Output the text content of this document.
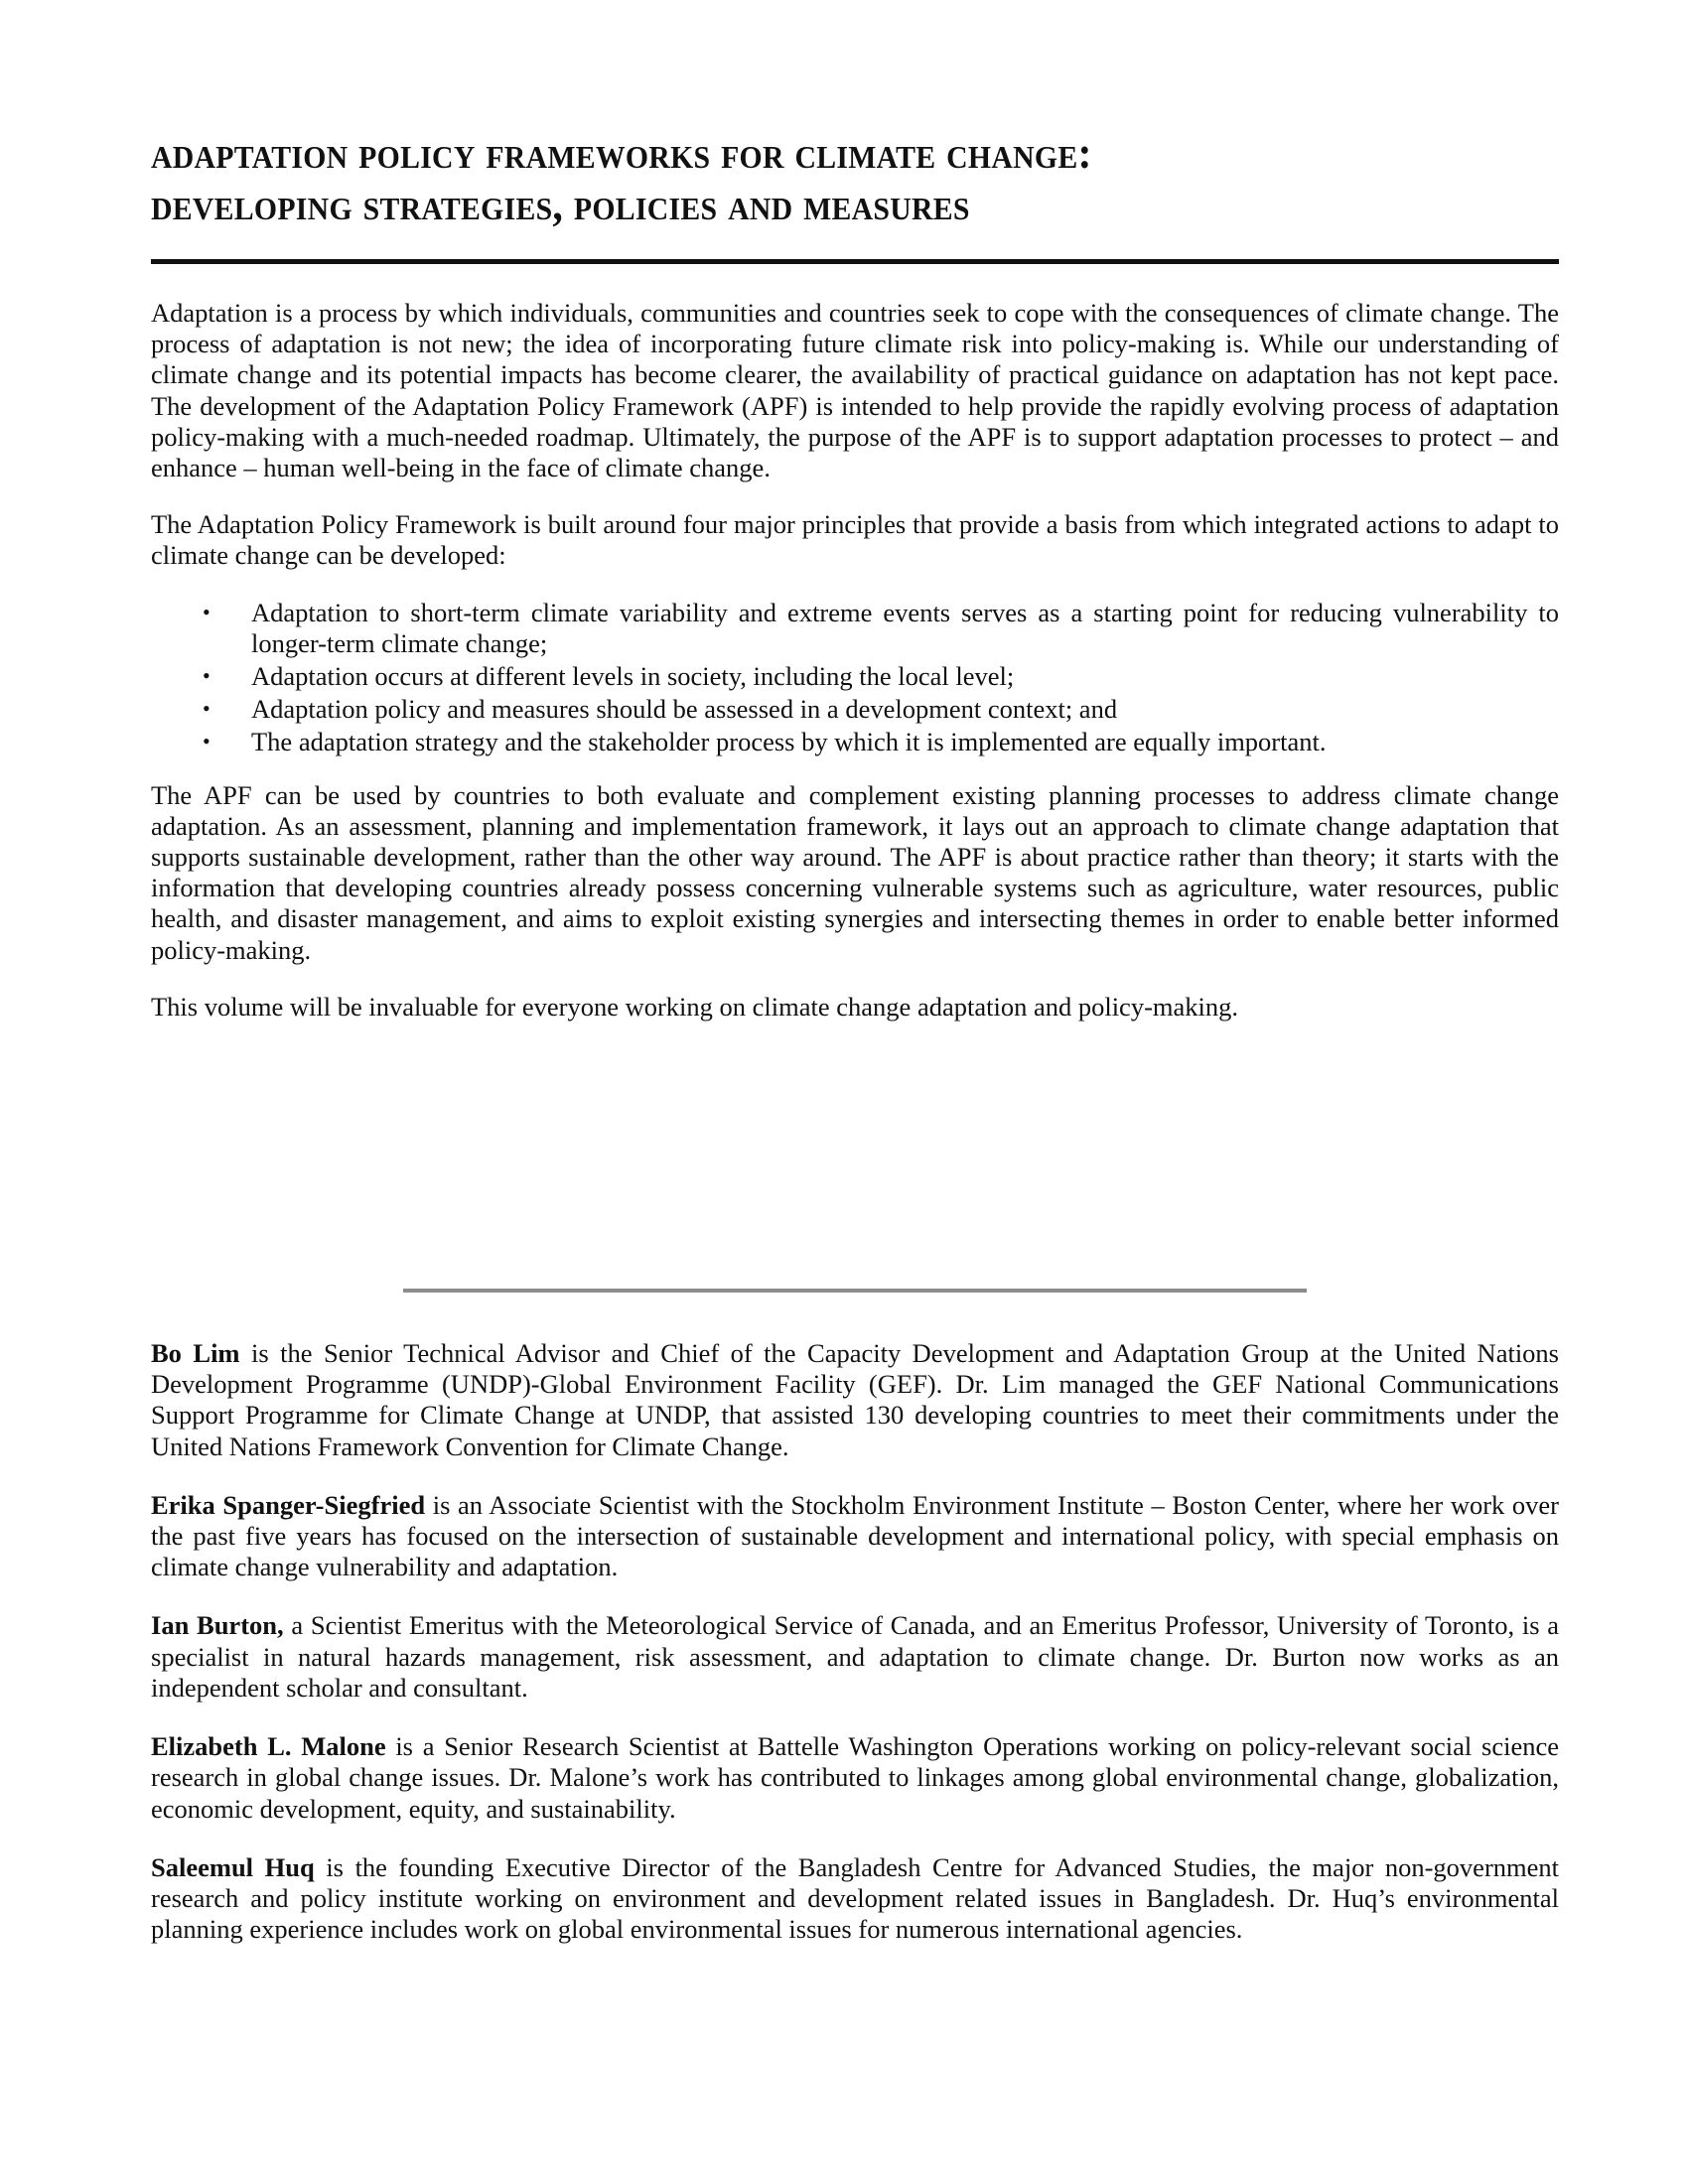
adaptation policy frameworks for climate change:
developing strategies, policies and measures

Adaptation is a process by which individuals, communities and countries seek to cope with the consequences of climate change. The process of adaptation is not new; the idea of incorporating future climate risk into policy-making is. While our understanding of climate change and its potential impacts has become clearer, the availability of practical guidance on adaptation has not kept pace. The development of the Adaptation Policy Framework (APF) is intended to help provide the rapidly evolving process of adaptation policy-making with a much-needed roadmap. Ultimately, the purpose of the APF is to support adaptation processes to protect – and enhance – human well-being in the face of climate change.

The Adaptation Policy Framework is built around four major principles that provide a basis from which integrated actions to adapt to climate change can be developed:

• Adaptation to short-term climate variability and extreme events serves as a starting point for reducing vulnerability to longer-term climate change;
• Adaptation occurs at different levels in society, including the local level;
• Adaptation policy and measures should be assessed in a development context; and
• The adaptation strategy and the stakeholder process by which it is implemented are equally important.

The APF can be used by countries to both evaluate and complement existing planning processes to address climate change adaptation. As an assessment, planning and implementation framework, it lays out an approach to climate change adaptation that supports sustainable development, rather than the other way around. The APF is about practice rather than theory; it starts with the information that developing countries already possess concerning vulnerable systems such as agriculture, water resources, public health, and disaster management, and aims to exploit existing synergies and intersecting themes in order to enable better informed policy-making.

This volume will be invaluable for everyone working on climate change adaptation and policy-making.

Bo Lim is the Senior Technical Advisor and Chief of the Capacity Development and Adaptation Group at the United Nations Development Programme (UNDP)-Global Environment Facility (GEF). Dr. Lim managed the GEF National Communications Support Programme for Climate Change at UNDP, that assisted 130 developing countries to meet their commitments under the United Nations Framework Convention for Climate Change.

Erika Spanger-Siegfried is an Associate Scientist with the Stockholm Environment Institute – Boston Center, where her work over the past five years has focused on the intersection of sustainable development and international policy, with special emphasis on climate change vulnerability and adaptation.

Ian Burton, a Scientist Emeritus with the Meteorological Service of Canada, and an Emeritus Professor, University of Toronto, is a specialist in natural hazards management, risk assessment, and adaptation to climate change. Dr. Burton now works as an independent scholar and consultant.

Elizabeth L. Malone is a Senior Research Scientist at Battelle Washington Operations working on policy-relevant social science research in global change issues. Dr. Malone’s work has contributed to linkages among global environmental change, globalization, economic development, equity, and sustainability.

Saleemul Huq is the founding Executive Director of the Bangladesh Centre for Advanced Studies, the major non-government research and policy institute working on environment and development related issues in Bangladesh. Dr. Huq’s environmental planning experience includes work on global environmental issues for numerous international agencies.
